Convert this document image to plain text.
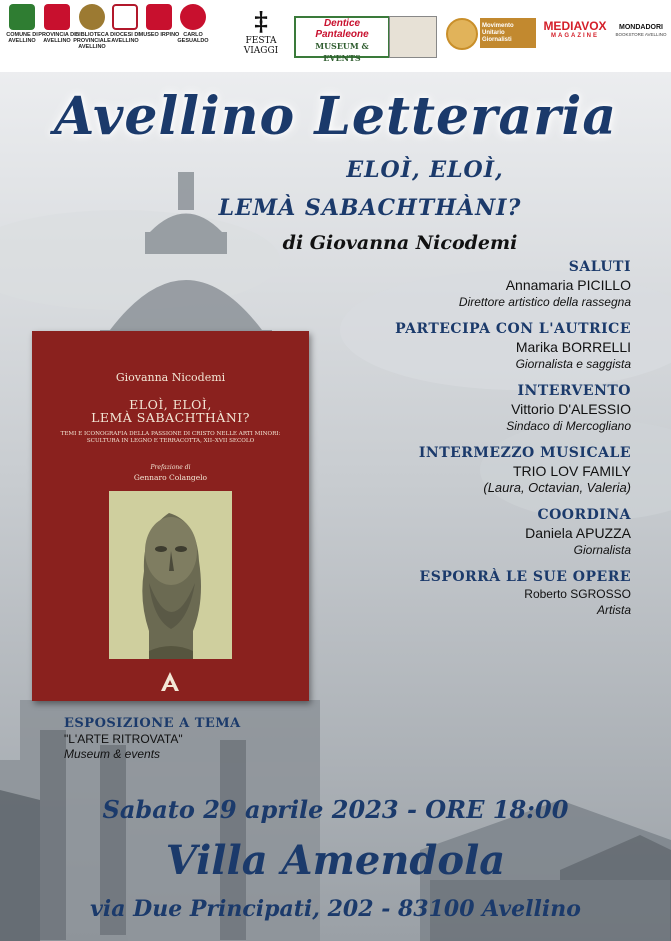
COMUNE DI AVELLINO
PROVINCIA DI AVELLINO
BIBLIOTECA PROVINCIALE AVELLINO
DIOCESI DI AVELLINO
MUSEO IRPINO CARLO GESUALDO
‡
FESTA VIAGGI
Dentice
Pantaleone
MUSEUM & EVENTS
Movimento Unitario Giornalisti
MEDIAVOX
MAGAZINE
MONDADORI
BOOKSTORE AVELLINO
Avellino Letteraria
ELOÌ, ELOÌ,
LEMÀ SABACHTHÀNI?
di Giovanna Nicodemi
SALUTI
Annamaria PICILLO
Direttore artistico della rassegna
PARTECIPA CON L'AUTRICE
Marika BORRELLI
Giornalista e saggista
INTERVENTO
Vittorio D'ALESSIO
Sindaco di Mercogliano
INTERMEZZO MUSICALE
TRIO LOV FAMILY
(Laura, Octavian, Valeria)
COORDINA
Daniela APUZZA
Giornalista
ESPORRÀ LE SUE OPERE
Roberto SGROSSO
Artista
Giovanna Nicodemi
ELOÌ, ELOÌ,
LEMÀ SABACHTHÀNI?
TEMI E ICONOGRAFIA DELLA PASSIONE DI CRISTO NELLE ARTI MINORI:
SCULTURA IN LEGNO E TERRACOTTA, XII–XVII SECOLO
Prefazione di
Gennaro Colangelo
ESPOSIZIONE A TEMA
"L'ARTE RITROVATA"
Museum & events
Sabato 29 aprile 2023 - ORE 18:00
Villa Amendola
via Due Principati, 202 - 83100 Avellino
